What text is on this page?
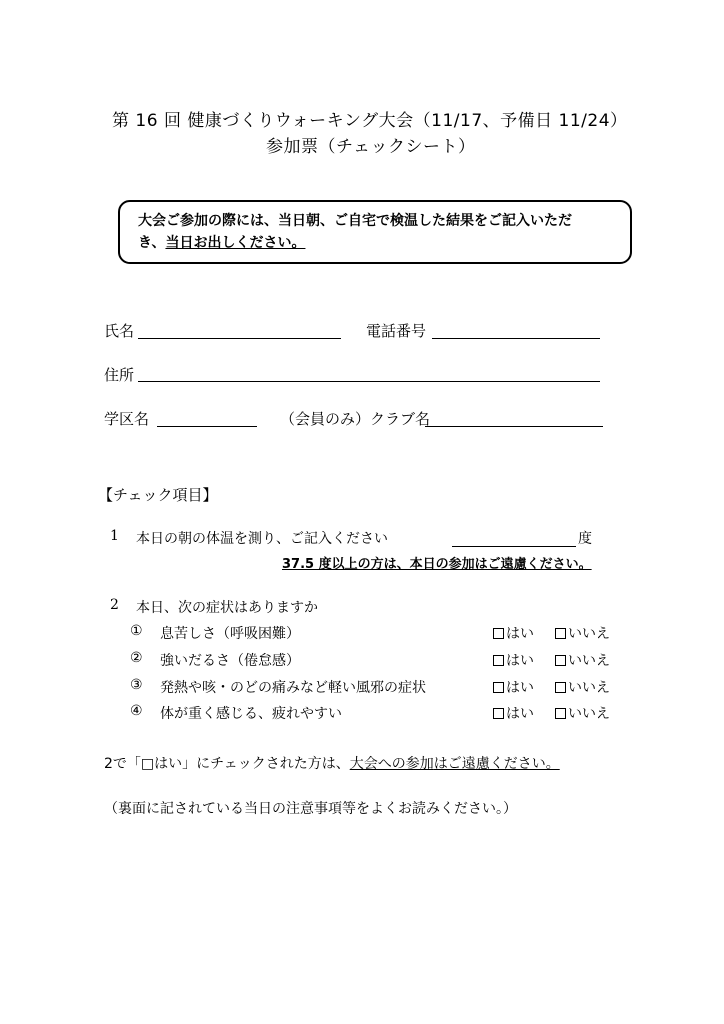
第 16 回 健康づくりウォーキング大会（11/17、予備日 11/24）
参加票（チェックシート）
大会ご参加の際には、当日朝、ご自宅で検温した結果をご記入いただ
き、当日お出しください。
氏名	電話番号
住所
学区名	（会員のみ）クラブ名
【チェック項目】
1 本日の朝の体温を測り、ご記入ください	度
37.5 度以上の方は、本日の参加はご遠慮ください。
2 本日、次の症状はありますか
① 息苦しさ（呼吸困難）	はい	いいえ
② 強いだるさ（倦怠感）	はい	いいえ
③ 発熱や咳・のどの痛みなど軽い風邪の症状	はい	いいえ
④ 体が重く感じる、疲れやすい	はい	いいえ
2で「□はい」にチェックされた方は、大会への参加はご遠慮ください。
（裏面に記されている当日の注意事項等をよくお読みください。）
